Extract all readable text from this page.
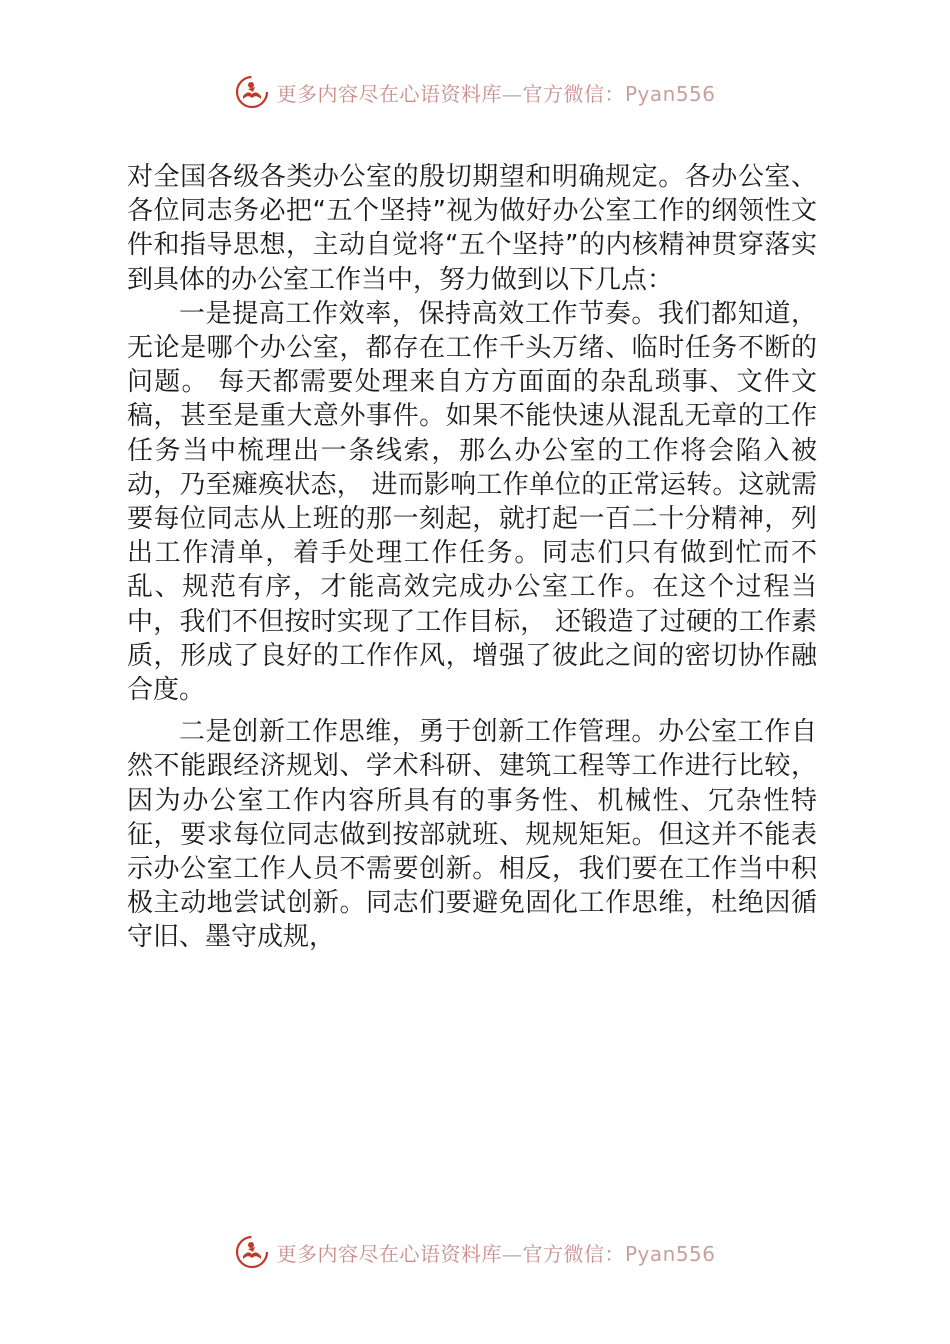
更多内容尽在心语资料库—官方微信：Pyan556

对全国各级各类办公室的殷切期望和明确规定。各办公室、各位同志务必把“五个坚持”视为做好办公室工作的纲领性文件和指导思想，主动自觉将“五个坚持”的内核精神贯穿落实到具体的办公室工作当中，努力做到以下几点：

一是提高工作效率，保持高效工作节奏。我们都知道，无论是哪个办公室，都存在工作千头万绪、临时任务不断的问题。 每天都需要处理来自方方面面的杂乱琐事、文件文稿，甚至是重大意外事件。如果不能快速从混乱无章的工作任务当中梳理出一条线索，那么办公室的工作将会陷入被动，乃至瘫痪状态， 进而影响工作单位的正常运转。这就需要每位同志从上班的那一刻起，就打起一百二十分精神，列出工作清单，着手处理工作任务。同志们只有做到忙而不乱、规范有序，才能高效完成办公室工作。在这个过程当中，我们不但按时实现了工作目标， 还锻造了过硬的工作素质，形成了良好的工作作风，增强了彼此之间的密切协作融合度。

二是创新工作思维，勇于创新工作管理。办公室工作自然不能跟经济规划、学术科研、建筑工程等工作进行比较，因为办公室工作内容所具有的事务性、机械性、冗杂性特征，要求每位同志做到按部就班、规规矩矩。但这并不能表示办公室工作人员不需要创新。相反，我们要在工作当中积极主动地尝试创新。同志们要避免固化工作思维，杜绝因循守旧、墨守成规，

更多内容尽在心语资料库—官方微信：Pyan556
